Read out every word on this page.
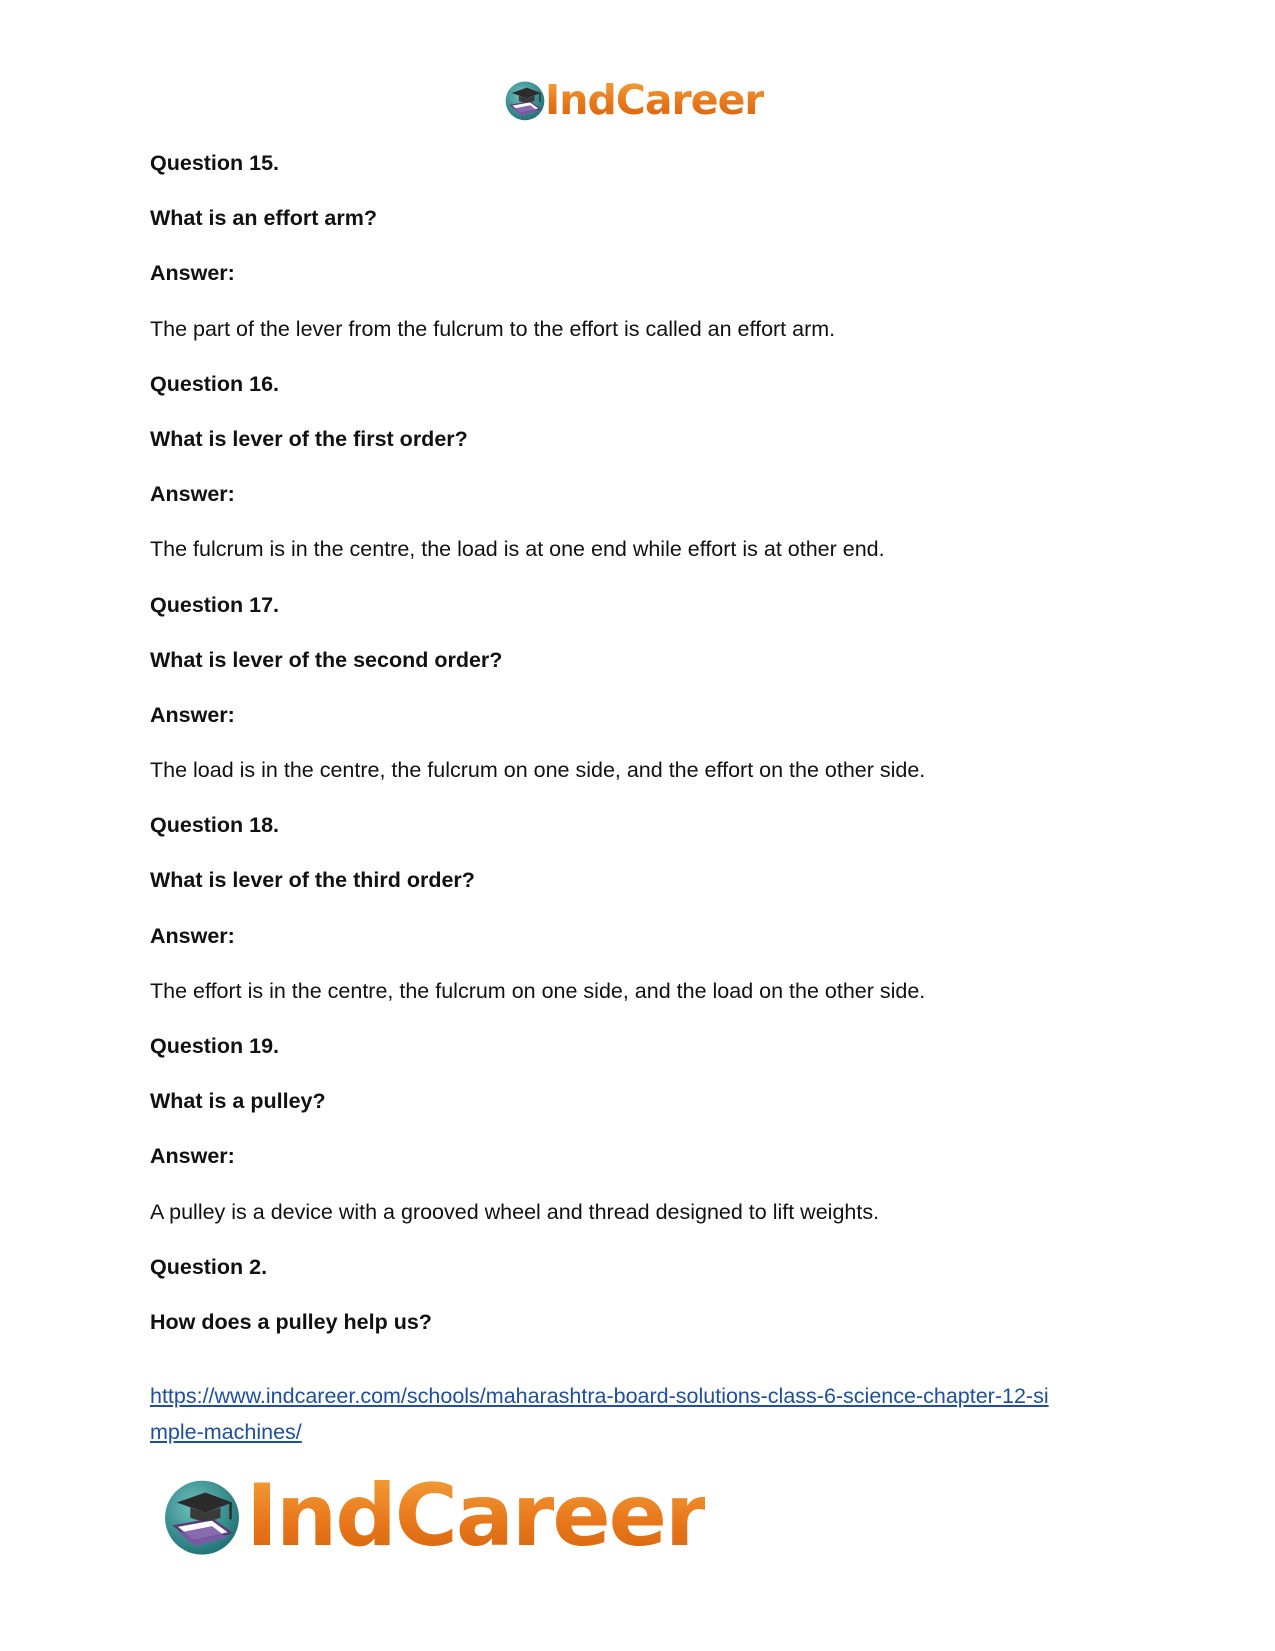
IndCareer
Question 15.
What is an effort arm?
Answer:
The part of the lever from the fulcrum to the effort is called an effort arm.
Question 16.
What is lever of the first order?
Answer:
The fulcrum is in the centre, the load is at one end while effort is at other end.
Question 17.
What is lever of the second order?
Answer:
The load is in the centre, the fulcrum on one side, and the effort on the other side.
Question 18.
What is lever of the third order?
Answer:
The effort is in the centre, the fulcrum on one side, and the load on the other side.
Question 19.
What is a pulley?
Answer:
A pulley is a device with a grooved wheel and thread designed to lift weights.
Question 2.
How does a pulley help us?
https://www.indcareer.com/schools/maharashtra-board-solutions-class-6-science-chapter-12-si
mple-machines/
IndCareer
